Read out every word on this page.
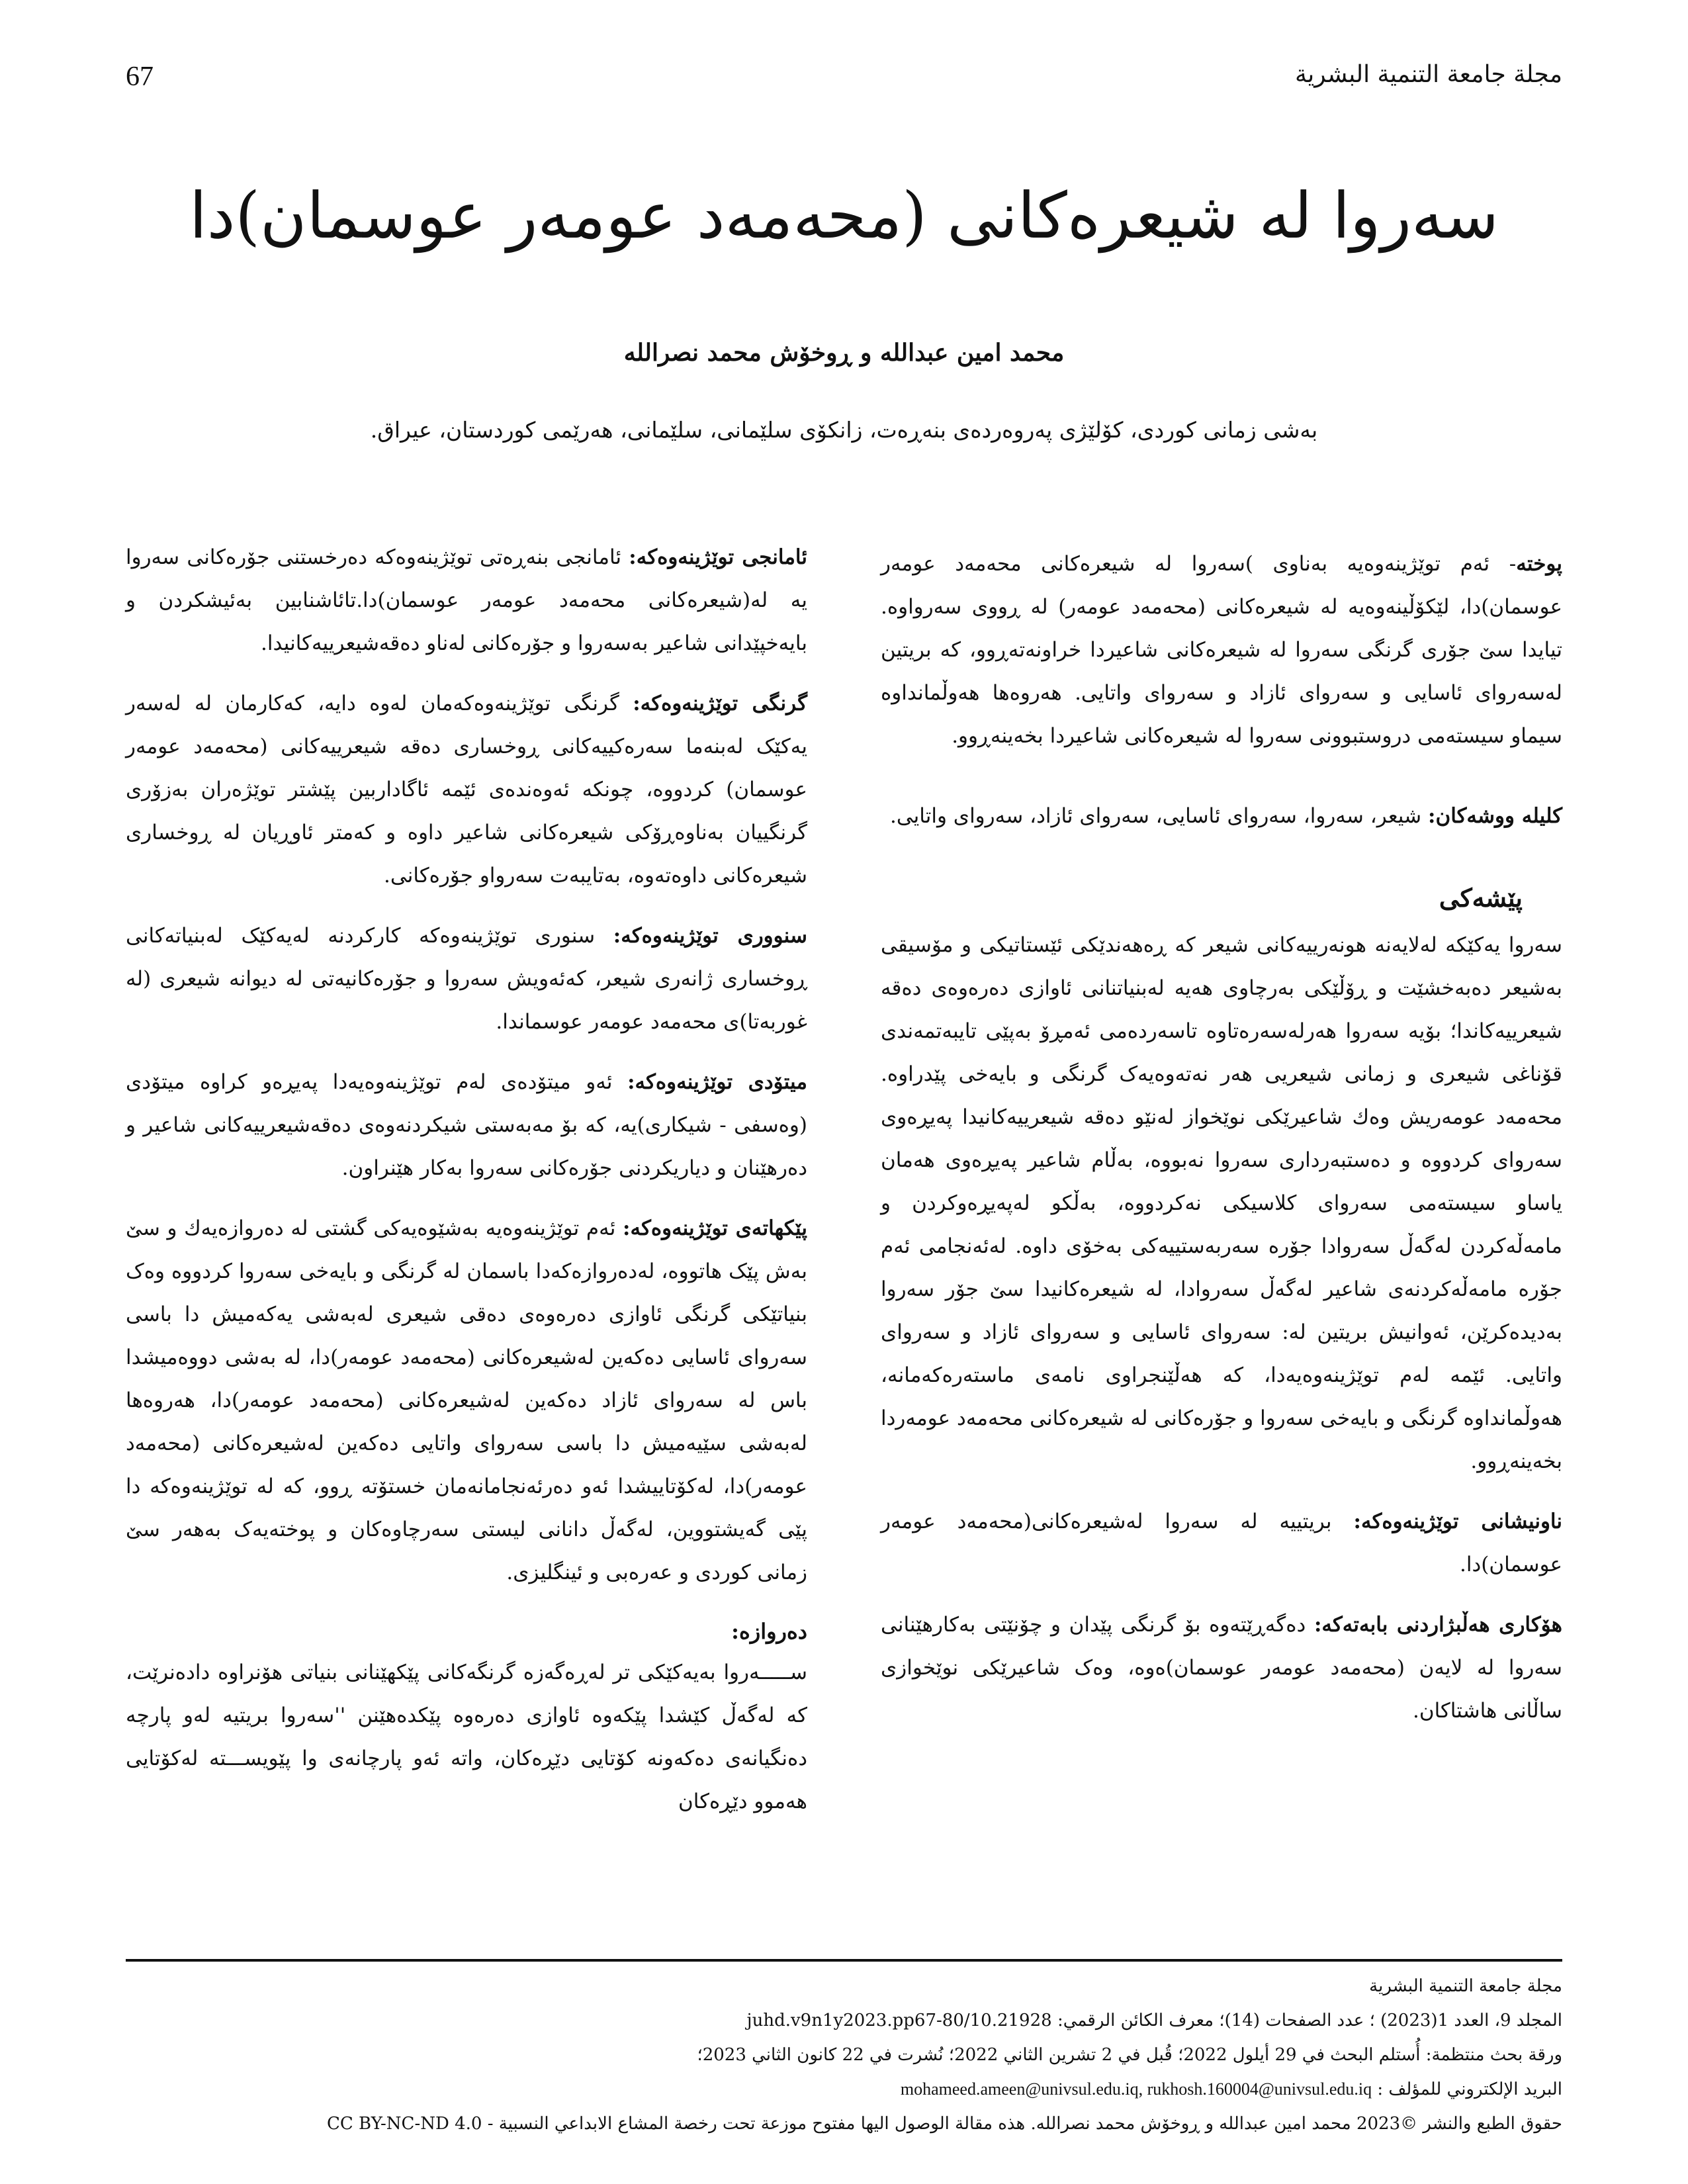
67	مجلة جامعة التنمية البشرية
سەروا لە شیعرەکانی (محەمەد عومەر عوسمان)دا
محمد امين عبدالله و ڕوخۆش محمد نصرالله
بەشی زمانی کوردی، کۆلێژی پەروەردەی بنەڕەت، زانکۆی سلێمانی، سلێمانی، هەرێمی کوردستان، عیراق.

پوختە- ئەم توێژینەوەیە بەناوی )سەروا لە شیعرەکانی محەمەد عومەر عوسمان)دا، لێکۆڵینەوەیە لە شیعرەکانی (محەمەد عومەر) لە ڕووی سەرواوە. تیایدا سێ جۆری گرنگی سەروا لە شیعرەکانی شاعیردا خراونەتەڕوو، کە بریتین لەسەروای ئاسایی و سەروای ئازاد و سەروای واتایی. هەروەها هەوڵمانداوە سیماو سیستەمی دروستبوونی سەروا لە شیعرەکانی شاعیردا بخەینەڕوو.

کلیلە ووشەکان: شیعر، سەروا، سەروای ئاسایی، سەروای ئازاد، سەروای واتایی.

پێشەکی

سەروا یەکێکە لەلایەنە هونەرییەکانی شیعر کە ڕەهەندێکی ئێستاتیکی و مۆسیقی بەشیعر دەبەخشێت و ڕۆڵێکی بەرچاوی هەیە لەبنیاتنانی ئاوازی دەرەوەی دەقە شیعرییەکاندا؛ بۆیە سەروا هەرلەسەرەتاوە تاسەردەمی ئەمڕۆ بەپێی تایبەتمەندی قۆناغی شیعری و زمانی شیعریی هەر نەتەوەیەک گرنگی و بایەخی پێدراوە. محەمەد عومەریش وەك شاعیرێکی نوێخواز لەنێو دەقە شیعرییەکانیدا پەیڕەوی سەروای کردووە و دەستبەرداری سەروا نەبووە، بەڵام شاعیر پەیڕەوی هەمان یاساو سیستەمی سەروای کلاسیکی نەکردووە، بەڵکو لەپەیڕەوکردن و مامەڵەکردن لەگەڵ سەروادا جۆرە سەربەستییەکی بەخۆی داوە. لەئەنجامی ئەم جۆرە مامەڵەکردنەی شاعیر لەگەڵ سەروادا، لە شیعرەکانیدا سێ جۆر سەروا بەدیدەکرێن، ئەوانیش بریتین لە: سەروای ئاسایی و سەروای ئازاد و سەروای واتایی. ئێمە لەم توێژینەوەیەدا، کە هەڵێنجراوی نامەی ماستەرەکەمانە، هەوڵمانداوە گرنگی و بایەخی سەروا و جۆرەکانی لە شیعرەکانی محەمەد عومەردا بخەینەڕوو.

ناونیشانی توێژینەوەکە: بریتییە لە سەروا لەشیعرەکانی(محەمەد عومەر عوسمان)دا.

هۆکاری هەڵبژاردنی بابەتەکە: دەگەڕێتەوە بۆ گرنگی پێدان و چۆنێتی بەکارهێنانی سەروا لە لایەن (محەمەد عومەر عوسمان)ەوە، وەک شاعیرێکی نوێخوازی ساڵانی هاشتاکان.

ئامانجی توێژینەوەکە: ئامانجی بنەڕەتی توێژینەوەکە دەرخستنی جۆرەکانی سەروا یە لە(شیعرەکانی محەمەد عومەر عوسمان)دا.تائاشنابین بەئیشکردن و بایەخپێدانی شاعیر بەسەروا و جۆرەکانی لەناو دەقەشیعرییەکانیدا.

گرنگی توێژینەوەکە: گرنگی توێژینەوەکەمان لەوە دایە، کەکارمان لە لەسەر یەکێک لەبنەما سەرەکییەکانی ڕوخساری دەقە شیعرییەکانی (محەمەد عومەر عوسمان) کردووە، چونکە ئەوەندەی ئێمە ئاگاداربین پێشتر توێژەران بەزۆری گرنگییان بەناوەڕۆکی شیعرەکانی شاعیر داوە و کەمتر ئاوڕیان لە ڕوخساری شیعرەکانی داوەتەوە، بەتایبەت سەرواو جۆرەکانی.

سنووری توێژینەوەکە: سنوری توێژینەوەکە کارکردنە لەیەکێک لەبنیاتەکانی ڕوخساری ژانەری شیعر، کەئەویش سەروا و جۆرەکانیەتی لە دیوانە شیعری (لە غوربەتا)ی محەمەد عومەر عوسماندا.

میتۆدی توێژینەوەکە: ئەو میتۆدەی لەم توێژینەوەیەدا پەیڕەو کراوە میتۆدی (وەسفی - شیکاری)یە، کە بۆ مەبەستی شیکردنەوەی دەقەشیعرییەکانی شاعیر و دەرهێنان و دیاریکردنی جۆرەکانی سەروا بەکار هێنراون.

پێکهاتەی توێژینەوەکە: ئەم توێژینەوەیە بەشێوەیەکی گشتی لە دەروازەیەك و سێ بەش پێک هاتووە، لەدەروازەکەدا باسمان لە گرنگی و بایەخی سەروا کردووە وەک بنیاتێکی گرنگی ئاوازی دەرەوەی دەقی شیعری لەبەشی یەکەمیش دا باسی سەروای ئاسایی دەکەین لەشیعرەکانی (محەمەد عومەر)دا، لە بەشی دووەمیشدا باس لە سەروای ئازاد دەکەین لەشیعرەکانی (محەمەد عومەر)دا، هەروەها لەبەشی سێیەمیش دا باسی سەروای واتایی دەکەین لەشیعرەکانی (محەمەد عومەر)دا، لەکۆتاییشدا ئەو دەرئەنجامانەمان خستۆتە ڕوو، کە لە توێژینەوەکە دا پێی گەیشتووین، لەگەڵ دانانی لیستی سەرچاوەکان و پوختەیەک بەهەر سێ زمانی کوردی و عەرەبی و ئینگلیزی.

دەروازە:

ســـــەروا بەیەکێکی تر لەڕەگەزە گرنگەکانی پێکهێنانی بنیاتی هۆنراوە دادەنرێت، کە لەگەڵ کێشدا پێکەوە ئاوازی دەرەوە پێکدەهێنن ''سەروا بریتیە لەو پارچە دەنگیانەی دەکەونە کۆتایی دێڕەکان، واتە ئەو پارچانەی وا پێویســـتە لەکۆتایی هەموو دێڕەکان

مجلة جامعة التنمية البشرية
المجلد 9، العدد 1(2023) ؛ عدد الصفحات (14)؛ معرف الكائن الرقمي: 10.21928/juhd.v9n1y2023.pp67-80
ورقة بحث منتظمة: أُستلم البحث في 29 أيلول 2022؛ قُبل في 2 تشرين الثاني 2022؛ نُشرت في 22 كانون الثاني 2023؛
البريد الإلكتروني للمؤلف : mohameed.ameen@univsul.edu.iq, rukhosh.160004@univsul.edu.iq
حقوق الطبع والنشر ©2023 محمد امين عبدالله و ڕوخۆش محمد نصرالله. هذه مقالة الوصول اليها مفتوح موزعة تحت رخصة المشاع الابداعي النسبية - CC BY-NC-ND 4.0
